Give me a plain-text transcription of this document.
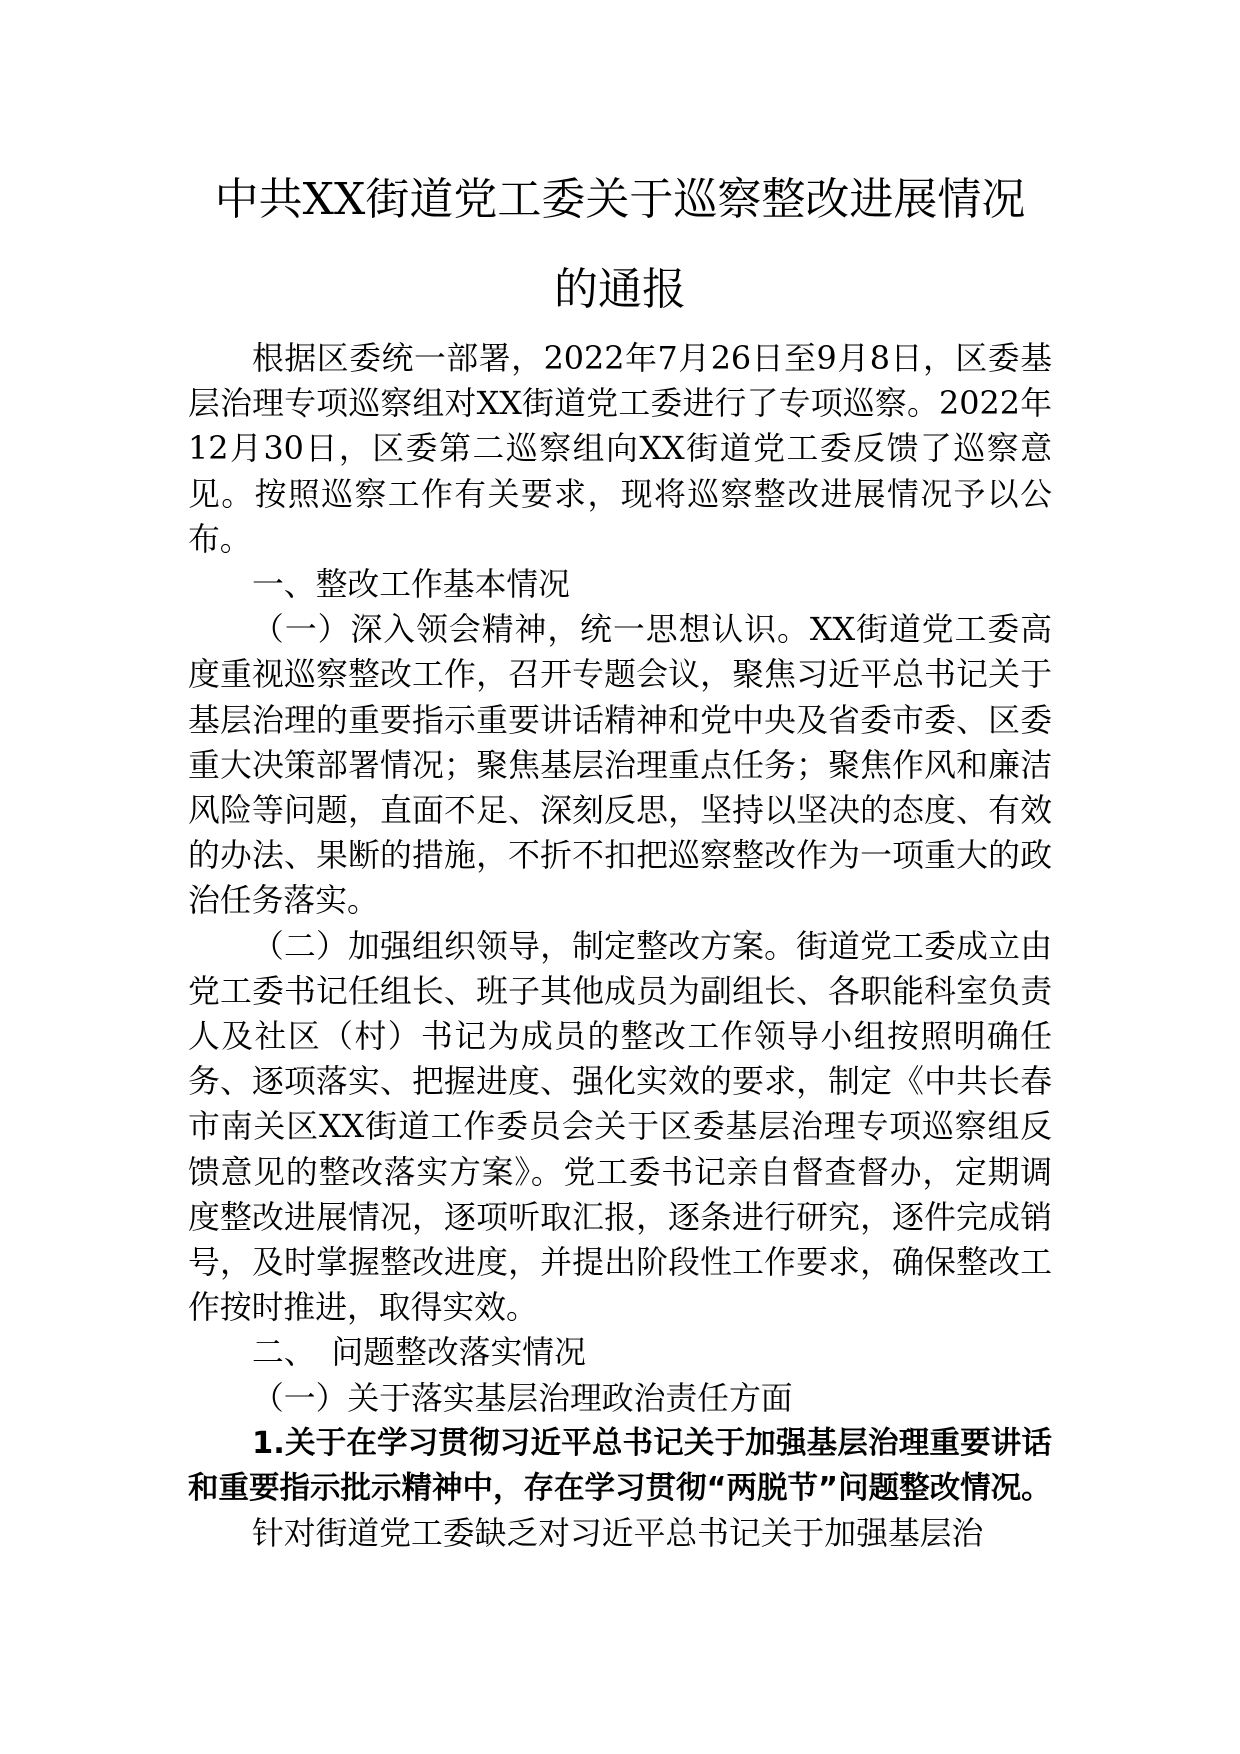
中共XX街道党工委关于巡察整改进展情况
的通报

根据区委统一部署，2022年7月26日至9月8日，区委基层治理专项巡察组对XX街道党工委进行了专项巡察。2022年12月30日，区委第二巡察组向XX街道党工委反馈了巡察意见。按照巡察工作有关要求，现将巡察整改进展情况予以公布。

一、整改工作基本情况

（一）深入领会精神，统一思想认识。XX街道党工委高度重视巡察整改工作，召开专题会议，聚焦习近平总书记关于基层治理的重要指示重要讲话精神和党中央及省委市委、区委重大决策部署情况；聚焦基层治理重点任务；聚焦作风和廉洁风险等问题，直面不足、深刻反思，坚持以坚决的态度、有效的办法、果断的措施，不折不扣把巡察整改作为一项重大的政治任务落实。

（二）加强组织领导，制定整改方案。街道党工委成立由党工委书记任组长、班子其他成员为副组长、各职能科室负责人及社区（村）书记为成员的整改工作领导小组按照明确任务、逐项落实、把握进度、强化实效的要求，制定《中共长春市南关区XX街道工作委员会关于区委基层治理专项巡察组反馈意见的整改落实方案》。党工委书记亲自督查督办，定期调度整改进展情况，逐项听取汇报，逐条进行研究，逐件完成销号，及时掌握整改进度，并提出阶段性工作要求，确保整改工作按时推进，取得实效。

二、　问题整改落实情况

（一）关于落实基层治理政治责任方面

1.关于在学习贯彻习近平总书记关于加强基层治理重要讲话和重要指示批示精神中，存在学习贯彻“两脱节”问题整改情况。

针对街道党工委缺乏对习近平总书记关于加强基层治
